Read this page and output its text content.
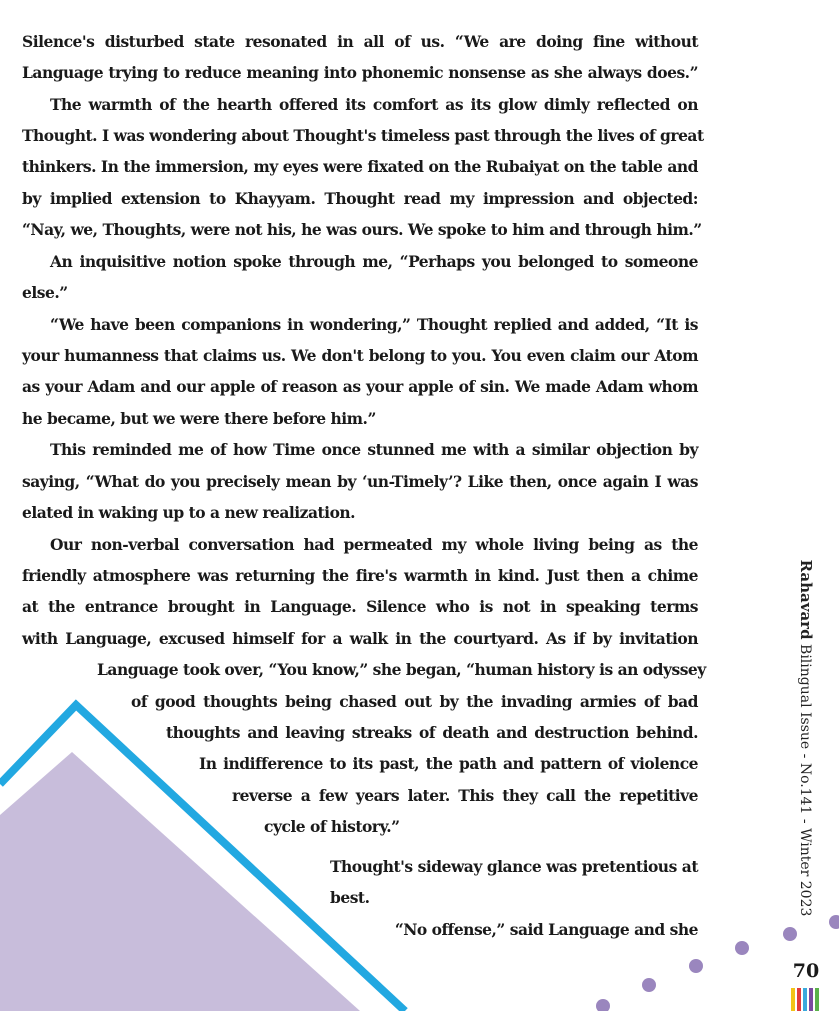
Silence's disturbed state resonated in all of us. “We are doing fine without
Language trying to reduce meaning into phonemic nonsense as she always does.”
The warmth of the hearth offered its comfort as its glow dimly reflected on
Thought. I was wondering about Thought's timeless past through the lives of great
thinkers. In the immersion, my eyes were fixated on the Rubaiyat on the table and
by implied extension to Khayyam. Thought read my impression and objected:
“Nay, we, Thoughts, were not his, he was ours. We spoke to him and through him.”
An inquisitive notion spoke through me, “Perhaps you belonged to someone
else.”
“We have been companions in wondering,” Thought replied and added, “It is
your humanness that claims us. We don't belong to you. You even claim our Atom
as your Adam and our apple of reason as your apple of sin. We made Adam whom
he became, but we were there before him.”
This reminded me of how Time once stunned me with a similar objection by
saying, “What do you precisely mean by ‘un-Timely’? Like then, once again I was
elated in waking up to a new realization.
Our non-verbal conversation had permeated my whole living being as the
friendly atmosphere was returning the fire's warmth in kind. Just then a chime
at the entrance brought in Language. Silence who is not in speaking terms
with Language, excused himself for a walk in the courtyard. As if by invitation
Language took over, “You know,” she began, “human history is an odyssey
of good thoughts being chased out by the invading armies of bad
thoughts and leaving streaks of death and destruction behind.
In indifference to its past, the path and pattern of violence
reverse a few years later. This they call the repetitive
cycle of history.”
Thought's sideway glance was pretentious at
best.
“No offense,” said Language and she
Rahavard Bilingual Issue - No.141 - Winter 2023
70
